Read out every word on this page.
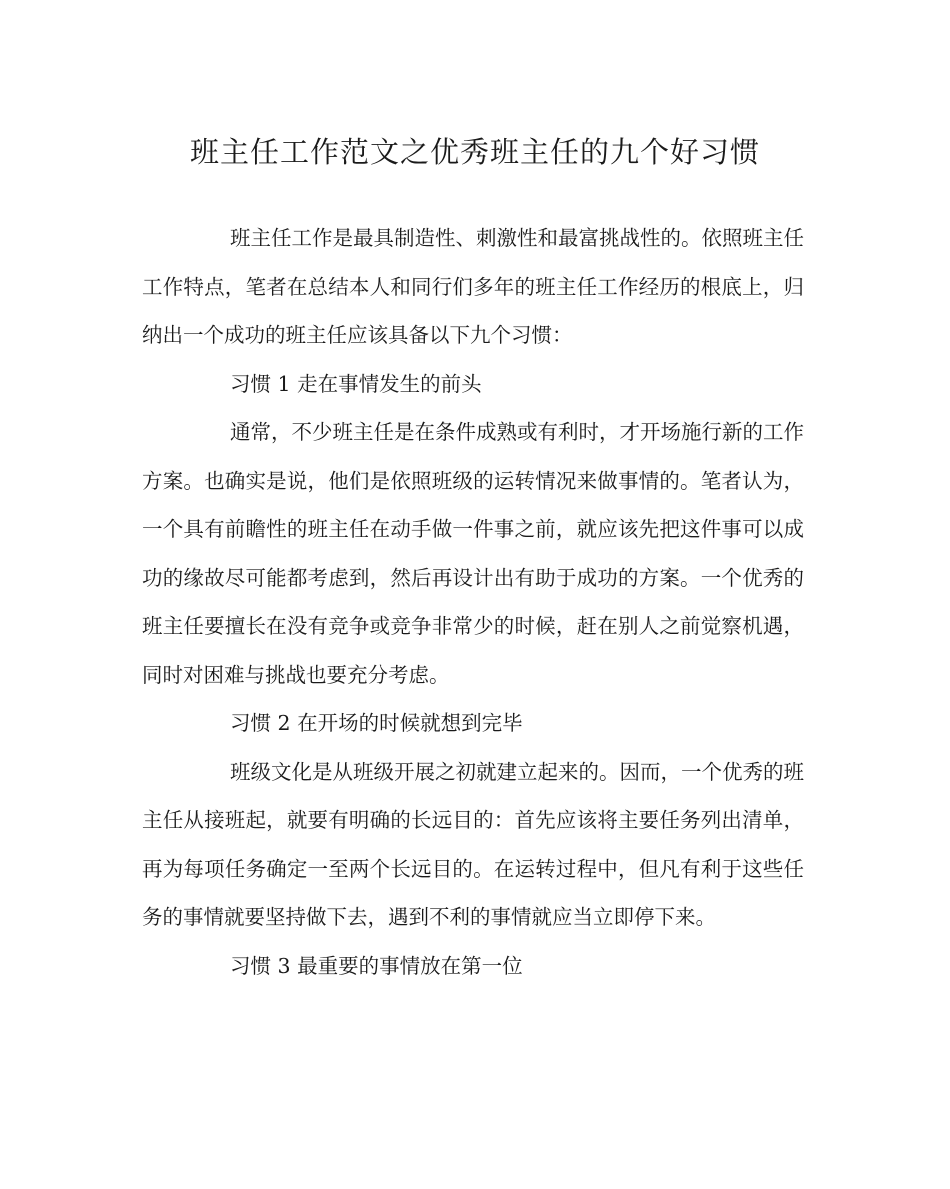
班主任工作范文之优秀班主任的九个好习惯

班主任工作是最具制造性、刺激性和最富挑战性的。依照班主任工作特点，笔者在总结本人和同行们多年的班主任工作经历的根底上，归纳出一个成功的班主任应该具备以下九个习惯：

习惯 1 走在事情发生的前头

通常，不少班主任是在条件成熟或有利时，才开场施行新的工作方案。也确实是说，他们是依照班级的运转情况来做事情的。笔者认为，一个具有前瞻性的班主任在动手做一件事之前，就应该先把这件事可以成功的缘故尽可能都考虑到，然后再设计出有助于成功的方案。一个优秀的班主任要擅长在没有竞争或竞争非常少的时候，赶在别人之前觉察机遇，同时对困难与挑战也要充分考虑。

习惯 2 在开场的时候就想到完毕

班级文化是从班级开展之初就建立起来的。因而，一个优秀的班主任从接班起，就要有明确的长远目的：首先应该将主要任务列出清单，再为每项任务确定一至两个长远目的。在运转过程中，但凡有利于这些任务的事情就要坚持做下去，遇到不利的事情就应当立即停下来。

习惯 3 最重要的事情放在第一位
